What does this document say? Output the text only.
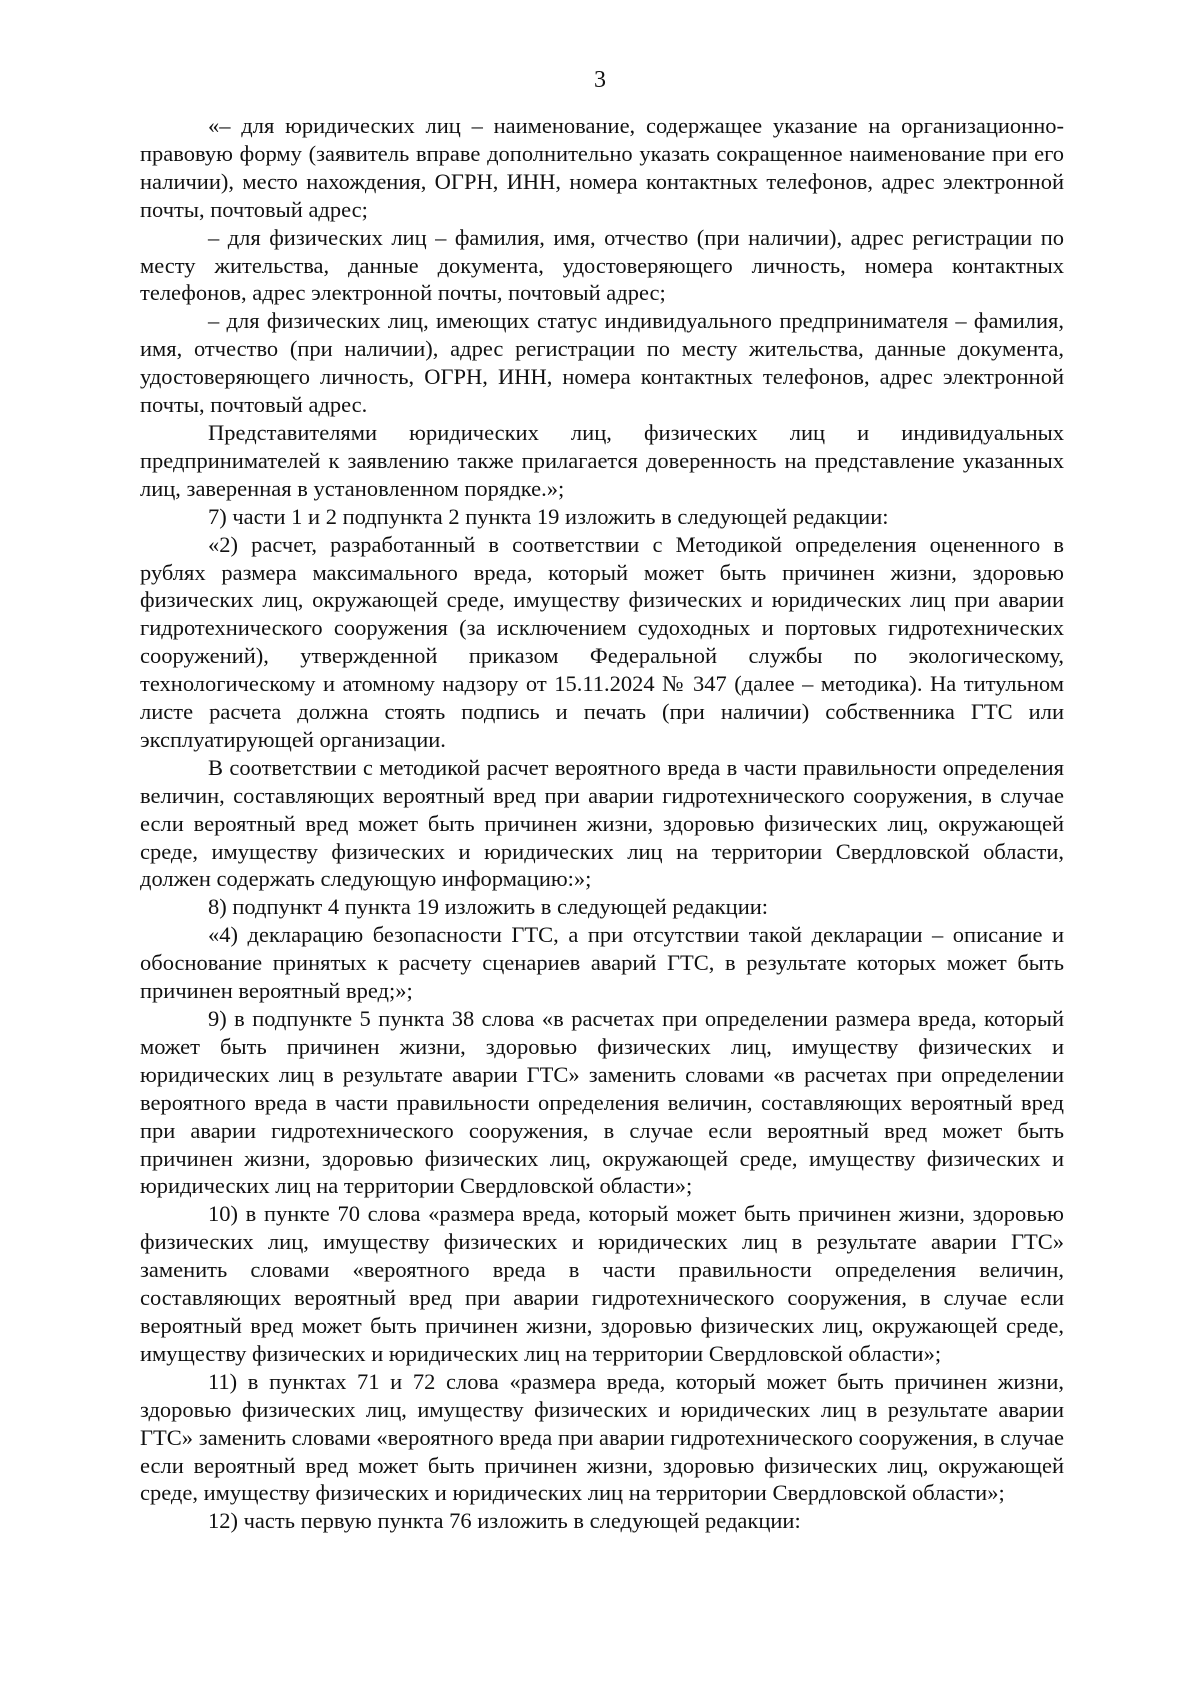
3

«– для юридических лиц – наименование, содержащее указание на организационно-правовую форму (заявитель вправе дополнительно указать сокращенное наименование при его наличии), место нахождения, ОГРН, ИНН, номера контактных телефонов, адрес электронной почты, почтовый адрес;

– для физических лиц – фамилия, имя, отчество (при наличии), адрес регистрации по месту жительства, данные документа, удостоверяющего личность, номера контактных телефонов, адрес электронной почты, почтовый адрес;

– для физических лиц, имеющих статус индивидуального предпринимателя – фамилия, имя, отчество (при наличии), адрес регистрации по месту жительства, данные документа, удостоверяющего личность, ОГРН, ИНН, номера контактных телефонов, адрес электронной почты, почтовый адрес.

Представителями юридических лиц, физических лиц и индивидуальных предпринимателей к заявлению также прилагается доверенность на представление указанных лиц, заверенная в установленном порядке.»;

7) части 1 и 2 подпункта 2 пункта 19 изложить в следующей редакции:

«2) расчет, разработанный в соответствии с Методикой определения оцененного в рублях размера максимального вреда, который может быть причинен жизни, здоровью физических лиц, окружающей среде, имуществу физических и юридических лиц при аварии гидротехнического сооружения (за исключением судоходных и портовых гидротехнических сооружений), утвержденной приказом Федеральной службы по экологическому, технологическому и атомному надзору от 15.11.2024 № 347 (далее – методика). На титульном листе расчета должна стоять подпись и печать (при наличии) собственника ГТС или эксплуатирующей организации.

В соответствии с методикой расчет вероятного вреда в части правильности определения величин, составляющих вероятный вред при аварии гидротехнического сооружения, в случае если вероятный вред может быть причинен жизни, здоровью физических лиц, окружающей среде, имуществу физических и юридических лиц на территории Свердловской области, должен содержать следующую информацию:»;

8) подпункт 4 пункта 19 изложить в следующей редакции:

«4) декларацию безопасности ГТС, а при отсутствии такой декларации – описание и обоснование принятых к расчету сценариев аварий ГТС, в результате которых может быть причинен вероятный вред;»;

9) в подпункте 5 пункта 38 слова «в расчетах при определении размера вреда, который может быть причинен жизни, здоровью физических лиц, имуществу физических и юридических лиц в результате аварии ГТС» заменить словами «в расчетах при определении вероятного вреда в части правильности определения величин, составляющих вероятный вред при аварии гидротехнического сооружения, в случае если вероятный вред может быть причинен жизни, здоровью физических лиц, окружающей среде, имуществу физических и юридических лиц на территории Свердловской области»;

10) в пункте 70 слова «размера вреда, который может быть причинен жизни, здоровью физических лиц, имуществу физических и юридических лиц в результате аварии ГТС» заменить словами «вероятного вреда в части правильности определения величин, составляющих вероятный вред при аварии гидротехнического сооружения, в случае если вероятный вред может быть причинен жизни, здоровью физических лиц, окружающей среде, имуществу физических и юридических лиц на территории Свердловской области»;

11) в пунктах 71 и 72 слова «размера вреда, который может быть причинен жизни, здоровью физических лиц, имуществу физических и юридических лиц в результате аварии ГТС» заменить словами «вероятного вреда при аварии гидротехнического сооружения, в случае если вероятный вред может быть причинен жизни, здоровью физических лиц, окружающей среде, имуществу физических и юридических лиц на территории Свердловской области»;

12) часть первую пункта 76 изложить в следующей редакции:
